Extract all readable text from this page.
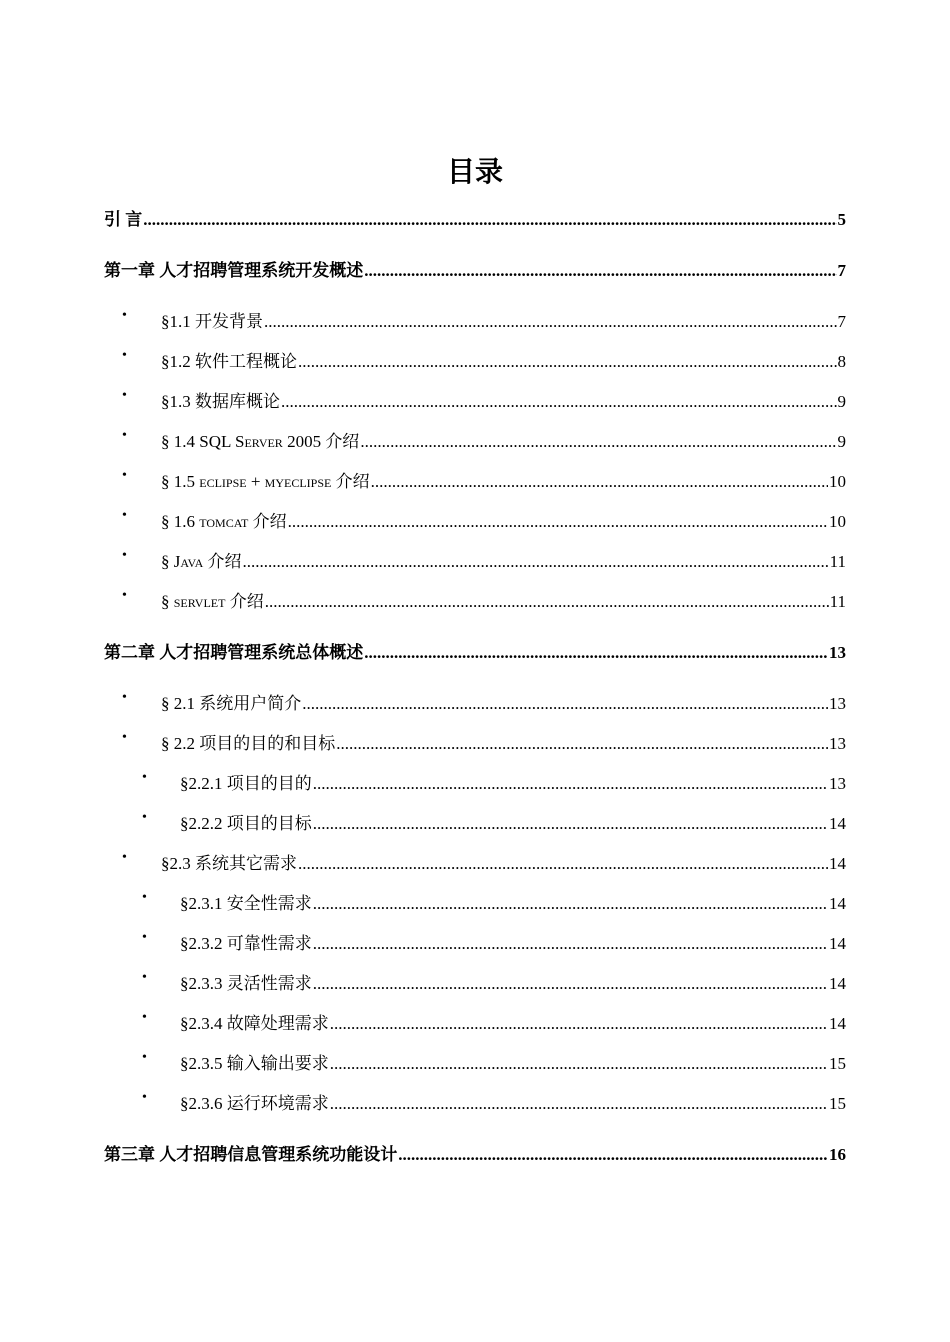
目录
引 言 .....	5
第一章 人才招聘管理系统开发概述 .....	7
• §1.1 开发背景 .....	7
• §1.2 软件工程概论 .....	8
• §1.3 数据库概论 .....	9
• § 1.4 SQL Server 2005 介绍 .....	9
• § 1.5 eclipse + myeclipse 介绍 .....	10
• § 1.6 tomcat 介绍 .....	10
• § Java 介绍 .....	11
• § servlet 介绍 .....	11
第二章 人才招聘管理系统总体概述 .....	13
• § 2.1 系统用户简介 .....	13
• § 2.2 项目的目的和目标 .....	13
• §2.2.1 项目的目的 .....	13
• §2.2.2 项目的目标 .....	14
• §2.3 系统其它需求 .....	14
• §2.3.1 安全性需求 .....	14
• §2.3.2 可靠性需求 .....	14
• §2.3.3 灵活性需求 .....	14
• §2.3.4 故障处理需求 .....	14
• §2.3.5 输入输出要求 .....	15
• §2.3.6 运行环境需求 .....	15
第三章 人才招聘信息管理系统功能设计 .....	16
